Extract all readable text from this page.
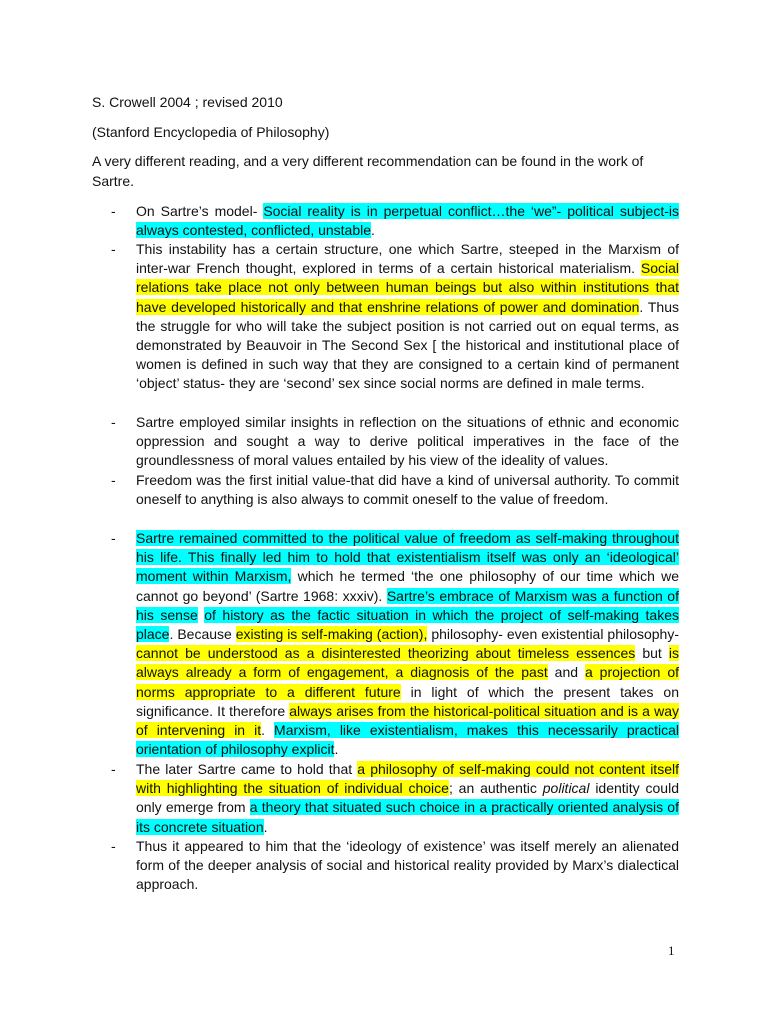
S. Crowell 2004 ; revised 2010
(Stanford Encyclopedia of Philosophy)
A very different reading, and a very different recommendation can be found in the work of Sartre.
-	On Sartre’s model- Social reality is in perpetual conflict…the ‘we”- political subject-is always contested, conflicted, unstable.
-	This instability has a certain structure, one which Sartre, steeped in the Marxism of inter-war French thought, explored in terms of a certain historical materialism. Social relations take place not only between human beings but also within institutions that have developed historically and that enshrine relations of power and domination. Thus the struggle for who will take the subject position is not carried out on equal terms, as demonstrated by Beauvoir in The Second Sex [ the historical and institutional place of women is defined in such way that they are consigned to a certain kind of permanent ‘object’ status- they are ‘second’ sex since social norms are defined in male terms.
-	Sartre employed similar insights in reflection on the situations of ethnic and economic oppression and sought a way to derive political imperatives in the face of the groundlessness of moral values entailed by his view of the ideality of values.
-	Freedom was the first initial value-that did have a kind of universal authority. To commit oneself to anything is also always to commit oneself to the value of freedom.
-	Sartre remained committed to the political value of freedom as self-making throughout his life. This finally led him to hold that existentialism itself was only an ‘ideological’ moment within Marxism, which he termed ‘the one philosophy of our time which we cannot go beyond’ (Sartre 1968: xxxiv). Sartre’s embrace of Marxism was a function of his sense of history as the factic situation in which the project of self-making takes place. Because existing is self-making (action), philosophy- even existential philosophy- cannot be understood as a disinterested theorizing about timeless essences but is always already a form of engagement, a diagnosis of the past and a projection of norms appropriate to a different future in light of which the present takes on significance. It therefore always arises from the historical-political situation and is a way of intervening in it. Marxism, like existentialism, makes this necessarily practical orientation of philosophy explicit.
-	The later Sartre came to hold that a philosophy of self-making could not content itself with highlighting the situation of individual choice; an authentic political identity could only emerge from a theory that situated such choice in a practically oriented analysis of its concrete situation.
-	Thus it appeared to him that the ‘ideology of existence’ was itself merely an alienated form of the deeper analysis of social and historical reality provided by Marx’s dialectical approach.
1
